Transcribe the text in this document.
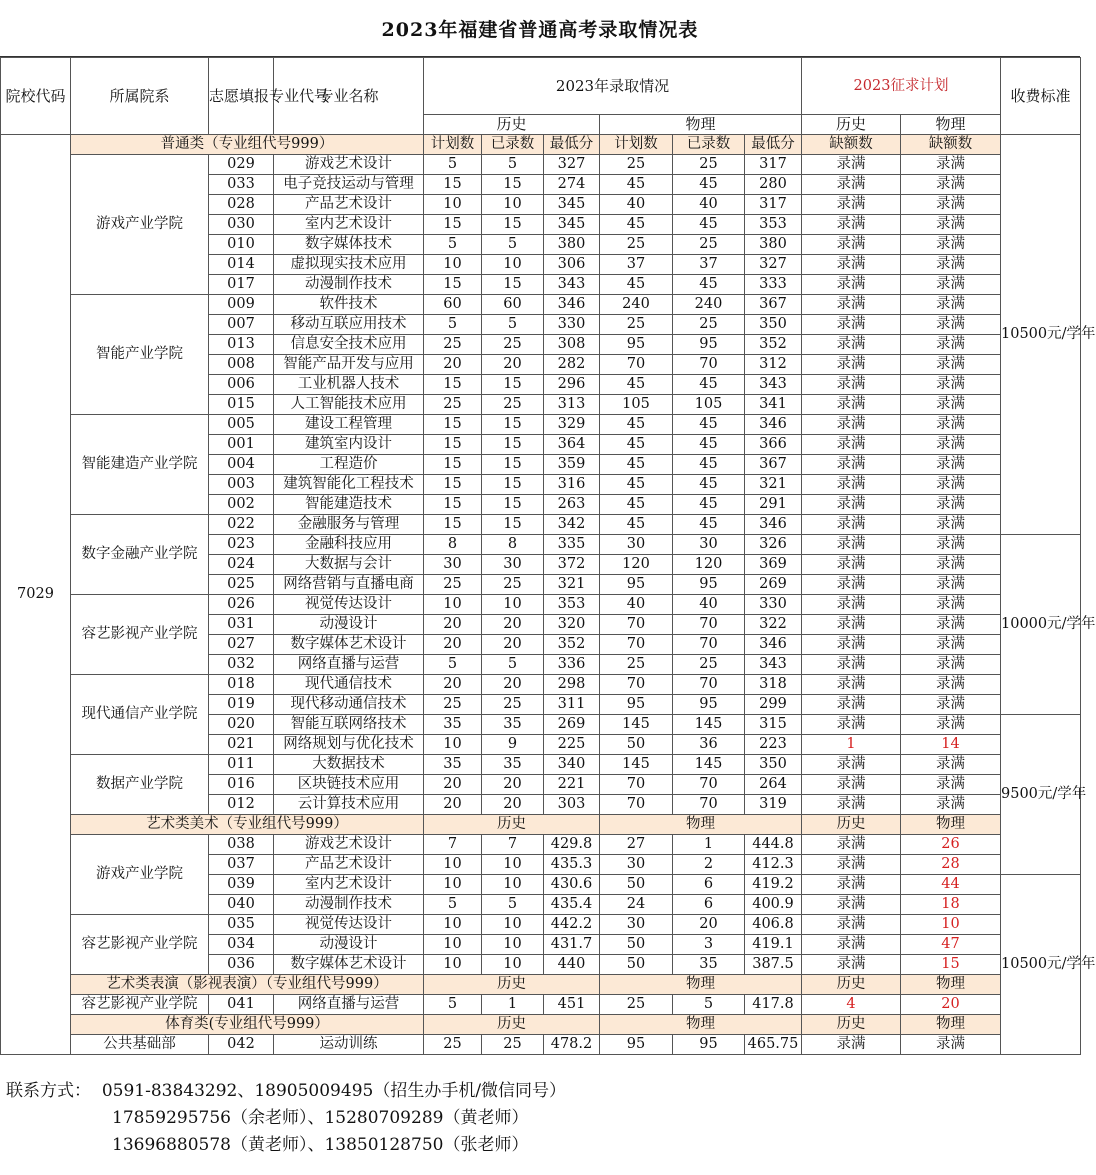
2023年福建省普通高考录取情况表
院校代码	所属院系	志愿填报专业代号	专业名称	2023年录取情况						2023征求计划		收费标准
				历史			物理			历史	物理	
7029	普通类（专业组代号999）			计划数	已录数	最低分	计划数	已录数	最低分	缺额数	缺额数	10500元/学年
	游戏产业学院	029	游戏艺术设计	5	5	327	25	25	317	录满	录满	
		033	电子竞技运动与管理	15	15	274	45	45	280	录满	录满	
		028	产品艺术设计	10	10	345	40	40	317	录满	录满	
		030	室内艺术设计	15	15	345	45	45	353	录满	录满	
		010	数字媒体技术	5	5	380	25	25	380	录满	录满	
		014	虚拟现实技术应用	10	10	306	37	37	327	录满	录满	
		017	动漫制作技术	15	15	343	45	45	333	录满	录满	
	智能产业学院	009	软件技术	60	60	346	240	240	367	录满	录满	
		007	移动互联应用技术	5	5	330	25	25	350	录满	录满	
		013	信息安全技术应用	25	25	308	95	95	352	录满	录满	
		008	智能产品开发与应用	20	20	282	70	70	312	录满	录满	
		006	工业机器人技术	15	15	296	45	45	343	录满	录满	
		015	人工智能技术应用	25	25	313	105	105	341	录满	录满	
	智能建造产业学院	005	建设工程管理	15	15	329	45	45	346	录满	录满	
		001	建筑室内设计	15	15	364	45	45	366	录满	录满	
		004	工程造价	15	15	359	45	45	367	录满	录满	
		003	建筑智能化工程技术	15	15	316	45	45	321	录满	录满	
		002	智能建造技术	15	15	263	45	45	291	录满	录满	
	数字金融产业学院	022	金融服务与管理	15	15	342	45	45	346	录满	录满	
		023	金融科技应用	8	8	335	30	30	326	录满	录满	10000元/学年
		024	大数据与会计	30	30	372	120	120	369	录满	录满	
		025	网络营销与直播电商	25	25	321	95	95	269	录满	录满	
	容艺影视产业学院	026	视觉传达设计	10	10	353	40	40	330	录满	录满	
		031	动漫设计	20	20	320	70	70	322	录满	录满	
		027	数字媒体艺术设计	20	20	352	70	70	346	录满	录满	
		032	网络直播与运营	5	5	336	25	25	343	录满	录满	
	现代通信产业学院	018	现代通信技术	20	20	298	70	70	318	录满	录满	
		019	现代移动通信技术	25	25	311	95	95	299	录满	录满	
		020	智能互联网络技术	35	35	269	145	145	315	录满	录满	9500元/学年
		021	网络规划与优化技术	10	9	225	50	36	223	1	14	
	数据产业学院	011	大数据技术	35	35	340	145	145	350	录满	录满	
		016	区块链技术应用	20	20	221	70	70	264	录满	录满	
		012	云计算技术应用	20	20	303	70	70	319	录满	录满	
	艺术类美术（专业组代号999）			历史			物理			历史	物理	
	游戏产业学院	038	游戏艺术设计	7	7	429.8	27	1	444.8	录满	26	
		037	产品艺术设计	10	10	435.3	30	2	412.3	录满	28	
		039	室内艺术设计	10	10	430.6	50	6	419.2	录满	44	10500元/学年
		040	动漫制作技术	5	5	435.4	24	6	400.9	录满	18	
	容艺影视产业学院	035	视觉传达设计	10	10	442.2	30	20	406.8	录满	10	
		034	动漫设计	10	10	431.7	50	3	419.1	录满	47	
		036	数字媒体艺术设计	10	10	440	50	35	387.5	录满	15	
	艺术类表演（影视表演）（专业组代号999）			历史			物理			历史	物理	
	容艺影视产业学院	041	网络直播与运营	5	1	451	25	5	417.8	4	20	
	体育类(专业组代号999）			历史			物理			历史	物理	
	公共基础部	042	运动训练	25	25	478.2	95	95	465.75	录满	录满	
联系方式： 0591-83843292、18905009495（招生办手机/微信同号）
17859295756（余老师）、15280709289（黄老师）
13696880578（黄老师）、13850128750（张老师）
